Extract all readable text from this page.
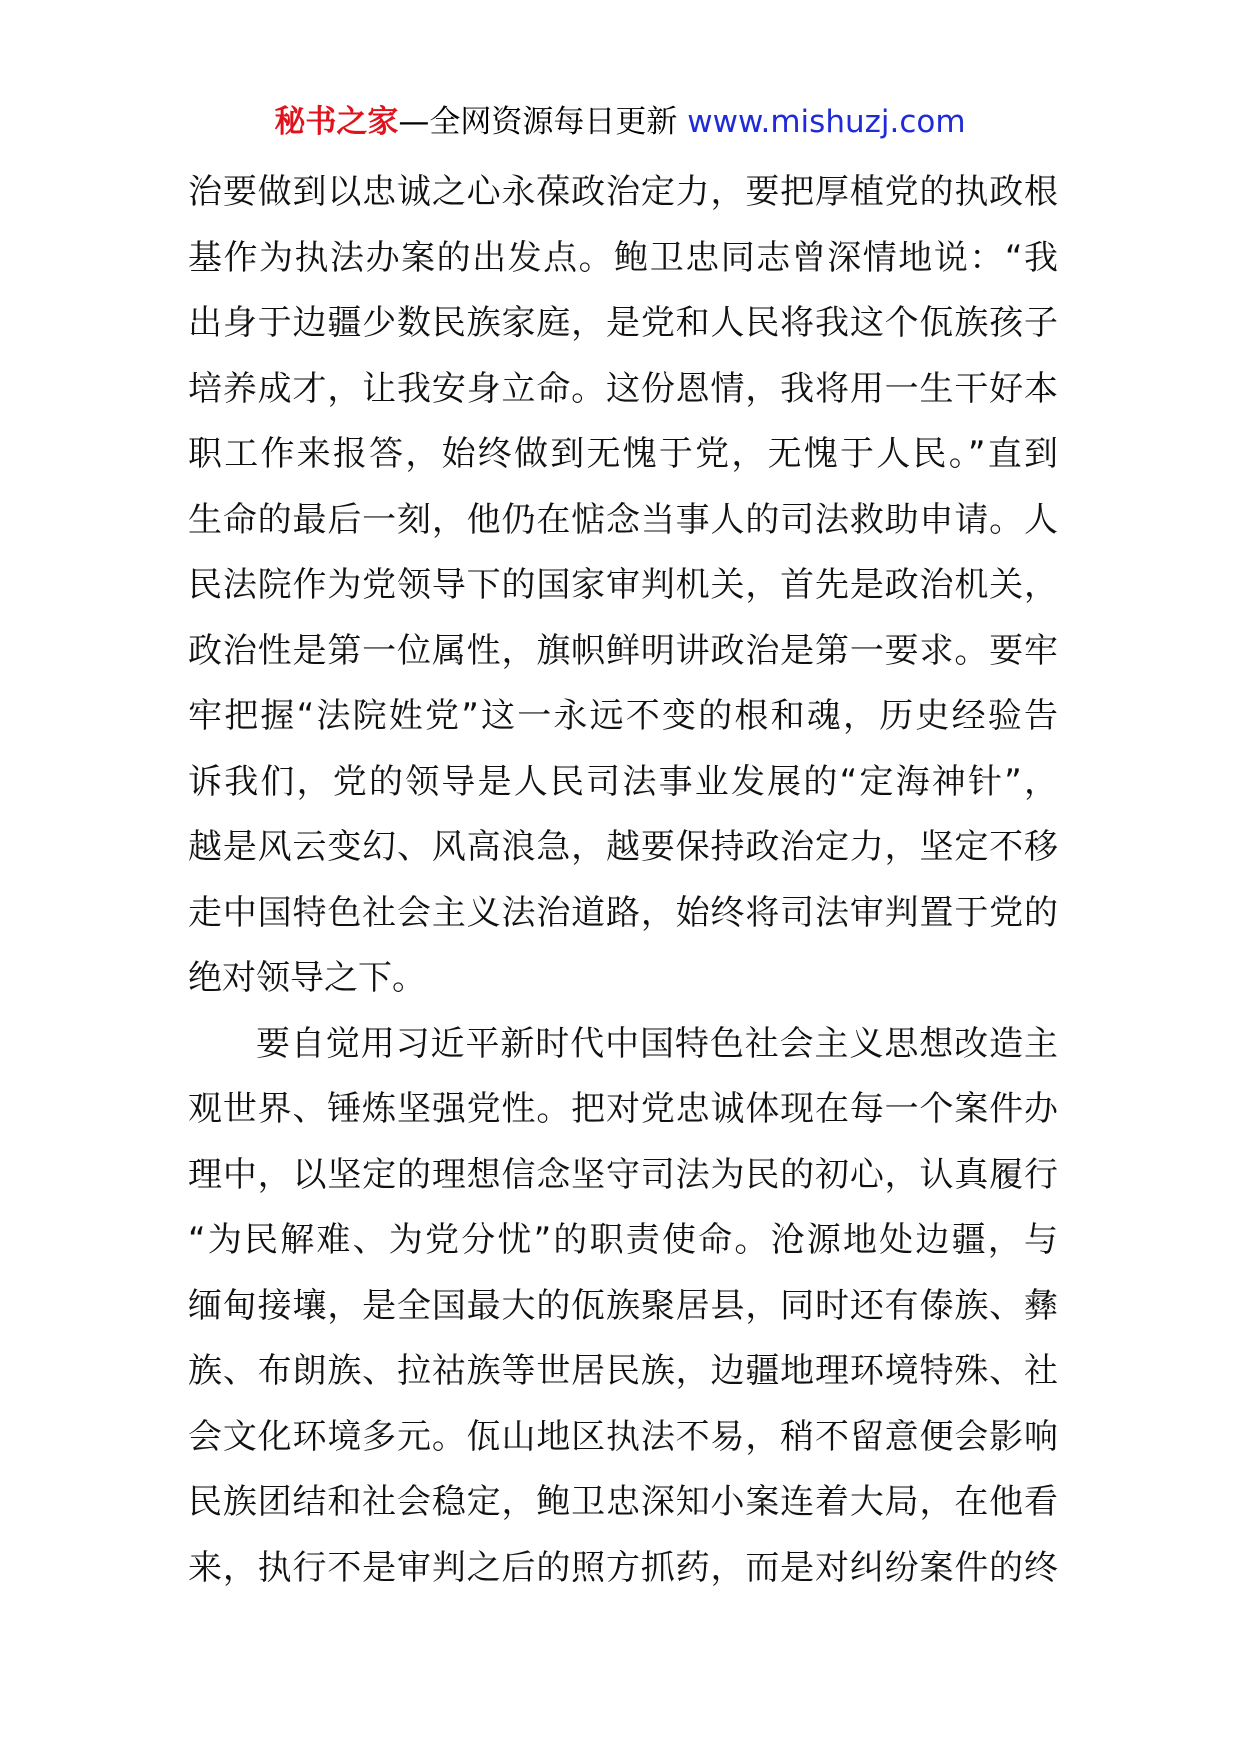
秘书之家—全网资源每日更新 www.mishuzj.com
治要做到以忠诚之心永葆政治定力，要把厚植党的执政根
基作为执法办案的出发点。鲍卫忠同志曾深情地说：“我
出身于边疆少数民族家庭，是党和人民将我这个佤族孩子
培养成才，让我安身立命。这份恩情，我将用一生干好本
职工作来报答，始终做到无愧于党，无愧于人民。”直到
生命的最后一刻，他仍在惦念当事人的司法救助申请。人
民法院作为党领导下的国家审判机关，首先是政治机关，
政治性是第一位属性，旗帜鲜明讲政治是第一要求。要牢
牢把握“法院姓党”这一永远不变的根和魂，历史经验告
诉我们，党的领导是人民司法事业发展的“定海神针”，
越是风云变幻、风高浪急，越要保持政治定力，坚定不移
走中国特色社会主义法治道路，始终将司法审判置于党的
绝对领导之下。
要自觉用习近平新时代中国特色社会主义思想改造主
观世界、锤炼坚强党性。把对党忠诚体现在每一个案件办
理中，以坚定的理想信念坚守司法为民的初心，认真履行
“为民解难、为党分忧”的职责使命。沧源地处边疆，与
缅甸接壤，是全国最大的佤族聚居县，同时还有傣族、彝
族、布朗族、拉祜族等世居民族，边疆地理环境特殊、社
会文化环境多元。佤山地区执法不易，稍不留意便会影响
民族团结和社会稳定，鲍卫忠深知小案连着大局，在他看
来，执行不是审判之后的照方抓药，而是对纠纷案件的终
